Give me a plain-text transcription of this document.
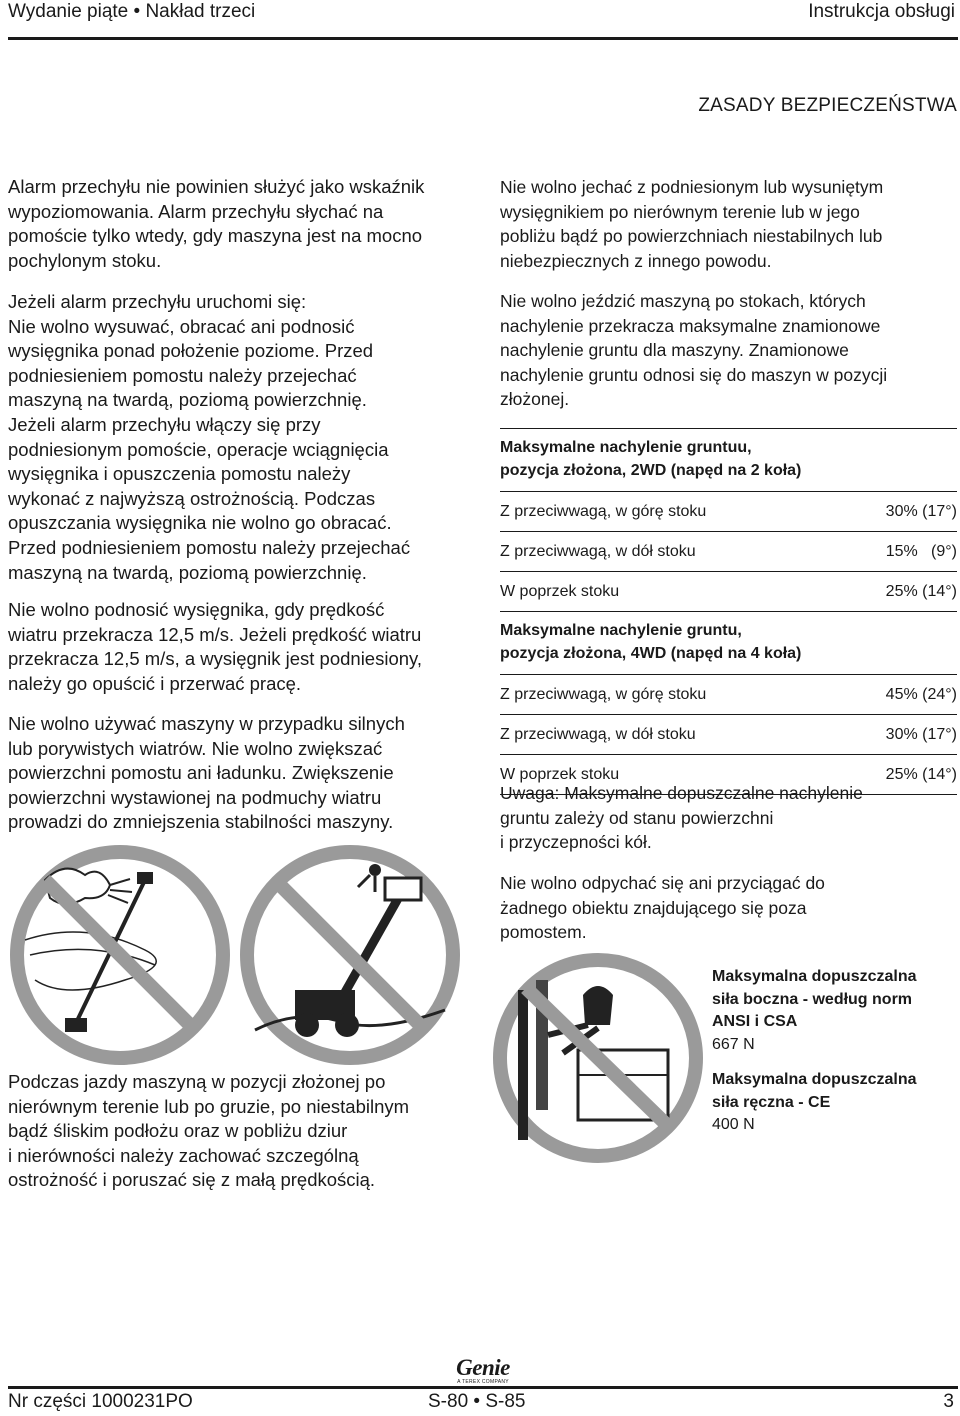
Wydanie piąte • Nakład trzeci	Instrukcja obsługi
ZASADY BEZPIECZEŃSTWA

Alarm przechyłu nie powinien służyć jako wskaźnik
wypoziomowania. Alarm przechyłu słychać na
pomoście tylko wtedy, gdy maszyna jest na mocno
pochylonym stoku.

Jeżeli alarm przechyłu uruchomi się:
Nie wolno wysuwać, obracać ani podnosić
wysięgnika ponad położenie poziome. Przed
podniesieniem pomostu należy przejechać
maszyną na twardą, poziomą powierzchnię.
Jeżeli alarm przechyłu włączy się przy
podniesionym pomoście, operacje wciągnięcia
wysięgnika i opuszczenia pomostu należy
wykonać z najwyższą ostrożnością. Podczas
opuszczania wysięgnika nie wolno go obracać.
Przed podniesieniem pomostu należy przejechać
maszyną na twardą, poziomą powierzchnię.

Nie wolno podnosić wysięgnika, gdy prędkość
wiatru przekracza 12,5 m/s. Jeżeli prędkość wiatru
przekracza 12,5 m/s, a wysięgnik jest podniesiony,
należy go opuścić i przerwać pracę.

Nie wolno używać maszyny w przypadku silnych
lub porywistych wiatrów. Nie wolno zwiększać
powierzchni pomostu ani ładunku. Zwiększenie
powierzchni wystawionej na podmuchy wiatru
prowadzi do zmniejszenia stabilności maszyny.

Podczas jazdy maszyną w pozycji złożonej po
nierównym terenie lub po gruzie, po niestabilnym
bądź śliskim podłożu oraz w pobliżu dziur
i nierówności należy zachować szczególną
ostrożność i poruszać się z małą prędkością.

Nie wolno jechać z podniesionym lub wysuniętym
wysięgnikiem po nierównym terenie lub w jego
pobliżu bądź po powierzchniach niestabilnych lub
niebezpiecznych z innego powodu.

Nie wolno jeździć maszyną po stokach, których
nachylenie przekracza maksymalne znamionowe
nachylenie gruntu dla maszyny. Znamionowe
nachylenie gruntu odnosi się do maszyn w pozycji
złożonej.

Maksymalne nachylenie gruntuu,
pozycja złożona, 2WD (napęd na 2 koła)
Z przeciwwagą, w górę stoku	30% (17°)
Z przeciwwagą, w dół stoku	15%   (9°)
W poprzek stoku	25% (14°)
Maksymalne nachylenie gruntu,
pozycja złożona, 4WD (napęd na 4 koła)
Z przeciwwagą, w górę stoku	45% (24°)
Z przeciwwagą, w dół stoku	30% (17°)
W poprzek stoku	25% (14°)

Uwaga: Maksymalne dopuszczalne nachylenie
gruntu zależy od stanu powierzchni
i przyczepności kół.

Nie wolno odpychać się ani przyciągać do
żadnego obiektu znajdującego się poza
pomostem.

Maksymalna dopuszczalna
siła boczna - według norm
ANSI i CSA
667 N
Maksymalna dopuszczalna
siła ręczna - CE
400 N
Genie
A TEREX COMPANY
Nr części 1000231PO	S-80 • S-85	3
